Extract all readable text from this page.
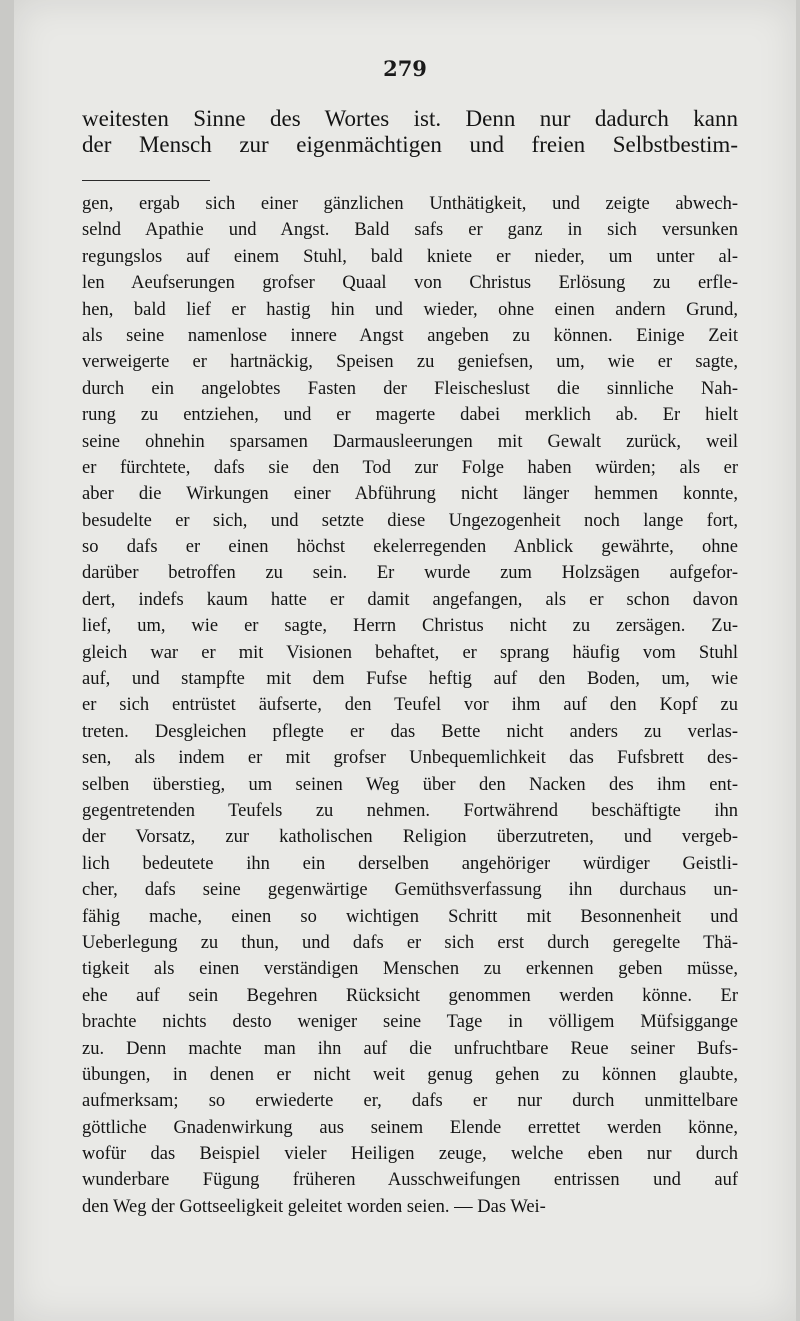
279
weitesten Sinne des Wortes ist. Denn nur dadurch kann
der Mensch zur eigenmächtigen und freien Selbstbestim-
gen, ergab sich einer gänzlichen Unthätigkeit, und zeigte abwech-
selnd Apathie und Angst. Bald safs er ganz in sich versunken
regungslos auf einem Stuhl, bald kniete er nieder, um unter al-
len Aeufserungen grofser Quaal von Christus Erlösung zu erfle-
hen, bald lief er hastig hin und wieder, ohne einen andern Grund,
als seine namenlose innere Angst angeben zu können. Einige Zeit
verweigerte er hartnäckig, Speisen zu geniefsen, um, wie er sagte,
durch ein angelobtes Fasten der Fleischeslust die sinnliche Nah-
rung zu entziehen, und er magerte dabei merklich ab. Er hielt
seine ohnehin sparsamen Darmausleerungen mit Gewalt zurück, weil
er fürchtete, dafs sie den Tod zur Folge haben würden; als er
aber die Wirkungen einer Abführung nicht länger hemmen konnte,
besudelte er sich, und setzte diese Ungezogenheit noch lange fort,
so dafs er einen höchst ekelerregenden Anblick gewährte, ohne
darüber betroffen zu sein. Er wurde zum Holzsägen aufgefor-
dert, indefs kaum hatte er damit angefangen, als er schon davon
lief, um, wie er sagte, Herrn Christus nicht zu zersägen. Zu-
gleich war er mit Visionen behaftet, er sprang häufig vom Stuhl
auf, und stampfte mit dem Fufse heftig auf den Boden, um, wie
er sich entrüstet äufserte, den Teufel vor ihm auf den Kopf zu
treten. Desgleichen pflegte er das Bette nicht anders zu verlas-
sen, als indem er mit grofser Unbequemlichkeit das Fufsbrett des-
selben überstieg, um seinen Weg über den Nacken des ihm ent-
gegentretenden Teufels zu nehmen. Fortwährend beschäftigte ihn
der Vorsatz, zur katholischen Religion überzutreten, und vergeb-
lich bedeutete ihn ein derselben angehöriger würdiger Geistli-
cher, dafs seine gegenwärtige Gemüthsverfassung ihn durchaus un-
fähig mache, einen so wichtigen Schritt mit Besonnenheit und
Ueberlegung zu thun, und dafs er sich erst durch geregelte Thä-
tigkeit als einen verständigen Menschen zu erkennen geben müsse,
ehe auf sein Begehren Rücksicht genommen werden könne. Er
brachte nichts desto weniger seine Tage in völligem Müfsiggange
zu. Denn machte man ihn auf die unfruchtbare Reue seiner Bufs-
übungen, in denen er nicht weit genug gehen zu können glaubte,
aufmerksam; so erwiederte er, dafs er nur durch unmittelbare
göttliche Gnadenwirkung aus seinem Elende errettet werden könne,
wofür das Beispiel vieler Heiligen zeuge, welche eben nur durch
wunderbare Fügung früheren Ausschweifungen entrissen und auf
den Weg der Gottseeligkeit geleitet worden seien. — Das Wei-
